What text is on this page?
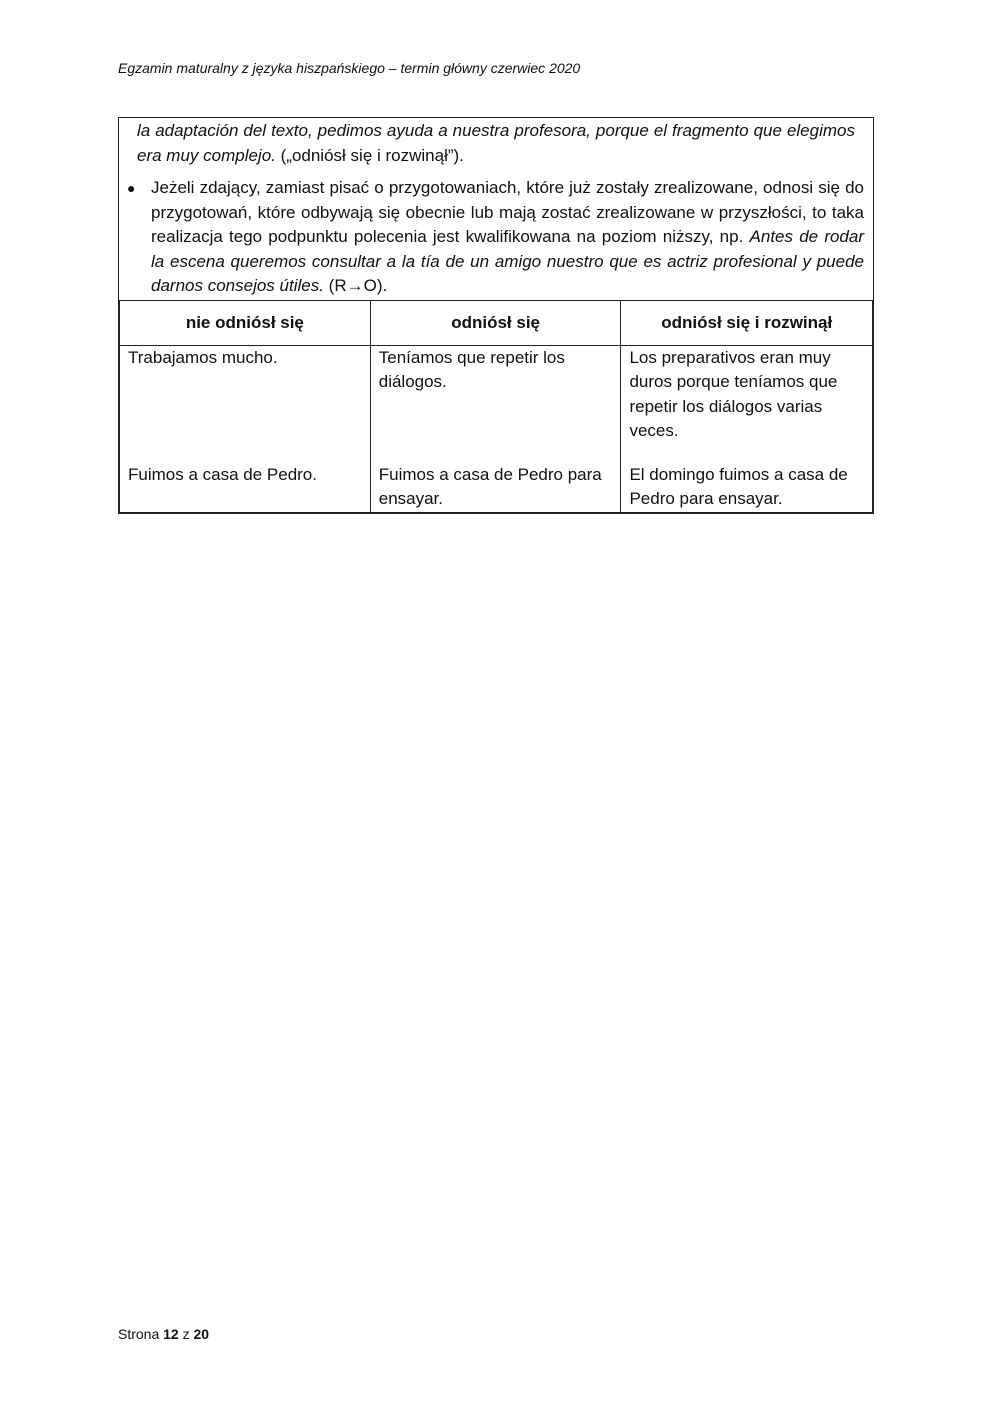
Egzamin maturalny z języka hiszpańskiego – termin główny czerwiec 2020

la adaptación del texto, pedimos ayuda a nuestra profesora, porque el fragmento que elegimos era muy complejo. („odniósł się i rozwinął”).

● Jeżeli zdający, zamiast pisać o przygotowaniach, które już zostały zrealizowane, odnosi się do przygotowań, które odbywają się obecnie lub mają zostać zrealizowane w przyszłości, to taka realizacja tego podpunktu polecenia jest kwalifikowana na poziom niższy, np. Antes de rodar la escena queremos consultar a la tía de un amigo nuestro que es actriz profesional y puede darnos consejos útiles. (R→O).
nie odniósł się	odniósł się	odniósł się i rozwinął
Trabajamos mucho.	Teníamos que repetir los diálogos.	Los preparativos eran muy duros porque teníamos que repetir los diálogos varias veces.
Fuimos a casa de Pedro.	Fuimos a casa de Pedro para ensayar.	El domingo fuimos a casa de Pedro para ensayar.
Strona 12 z 20
